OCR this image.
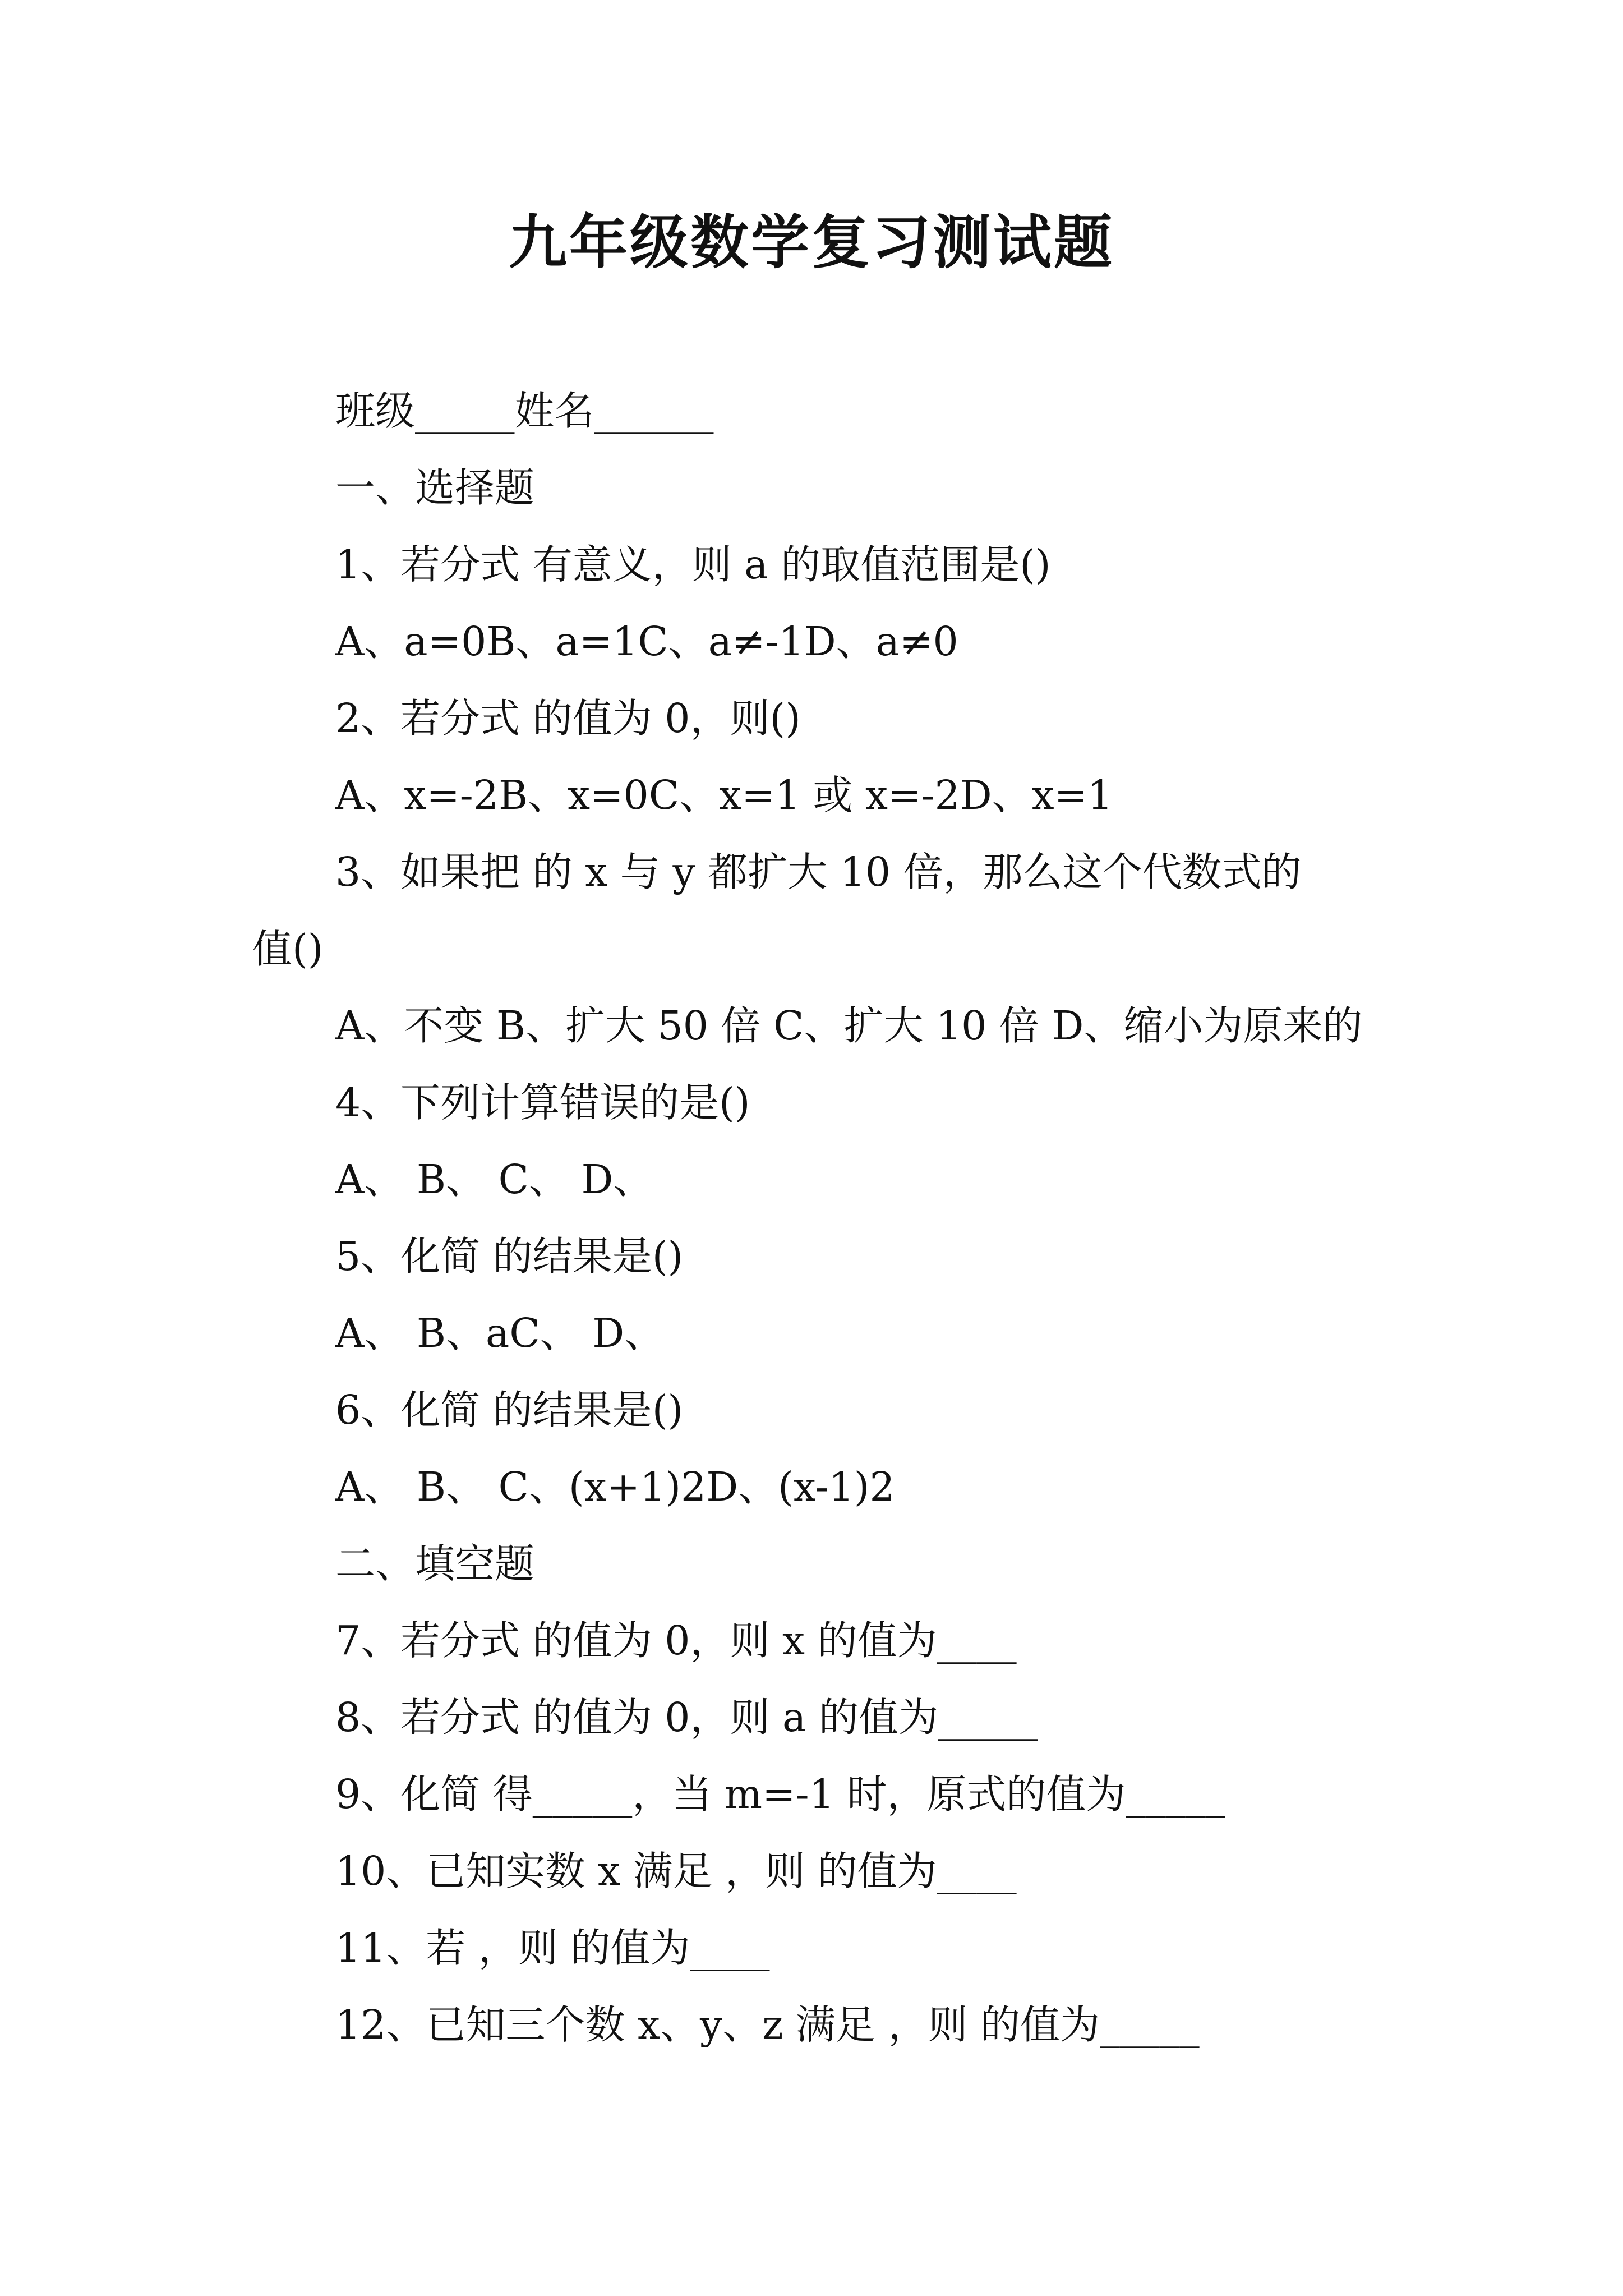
九年级数学复习测试题

班级_____姓名______

一、选择题

1、若分式 有意义，则 a 的取值范围是()

A、a=0B、a=1C、a≠-1D、a≠0

2、若分式 的值为 0，则()

A、x=-2B、x=0C、x=1 或 x=-2D、x=1

3、如果把 的 x 与 y 都扩大 10 倍，那么这个代数式的

值()

A、不变 B、扩大 50 倍 C、扩大 10 倍 D、缩小为原来的

4、下列计算错误的是()

A、 B、 C、 D、

5、化简 的结果是()

A、 B、aC、 D、

6、化简 的结果是()

A、 B、 C、(x+1)2D、(x-1)2

二、填空题

7、若分式 的值为 0，则 x 的值为____

8、若分式 的值为 0，则 a 的值为_____

9、化简 得_____，当 m=-1 时，原式的值为_____

10、已知实数 x 满足 ，则 的值为____

11、若 ，则 的值为____

12、已知三个数 x、y、z 满足 ，则 的值为_____
